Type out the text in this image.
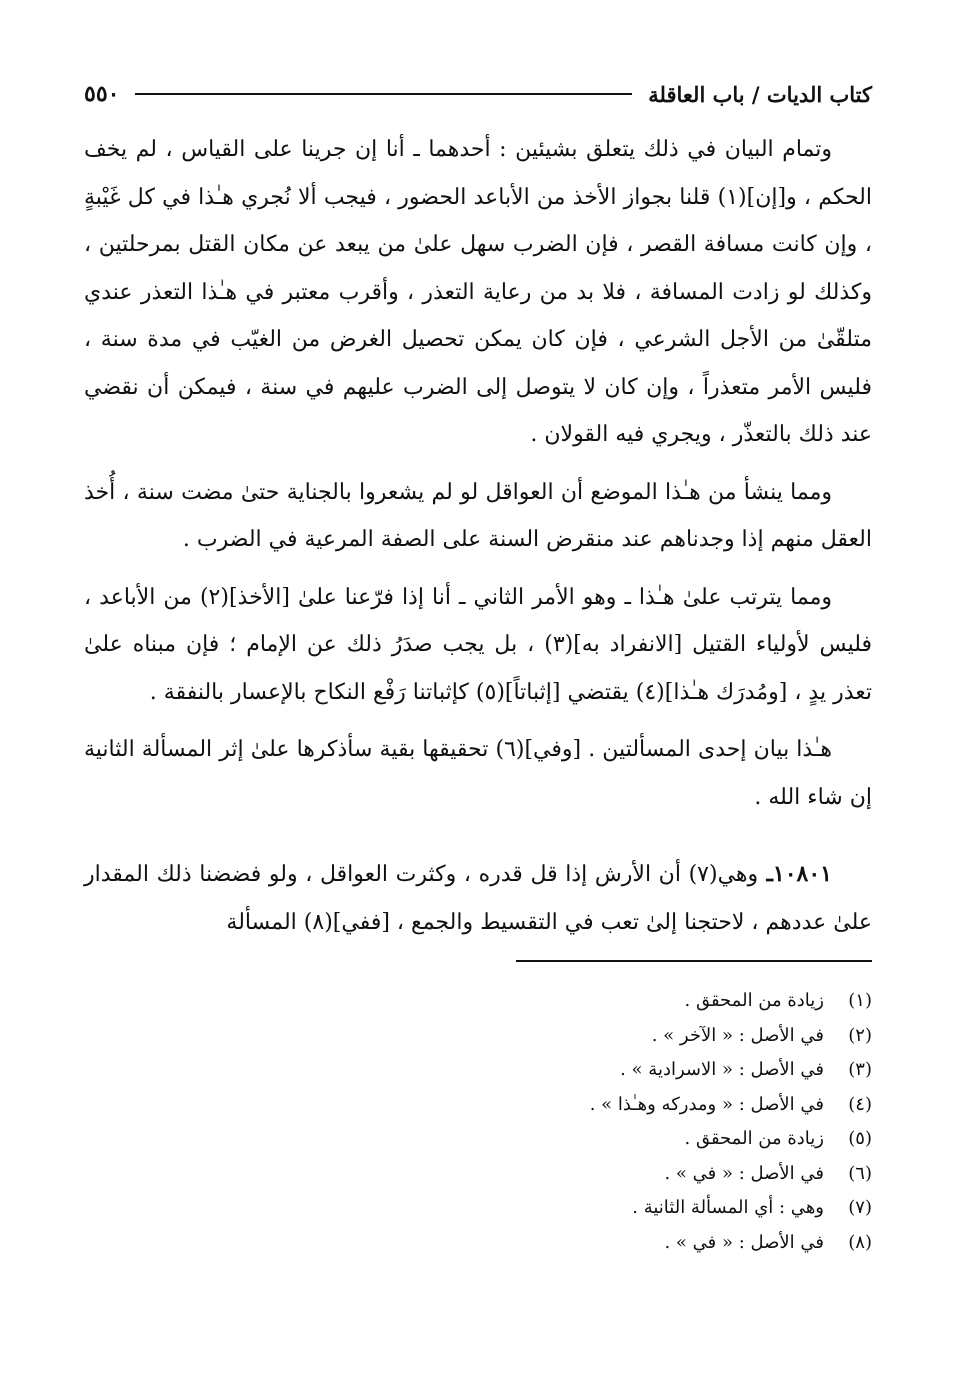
كتاب الديات / باب العاقلة
٥٥٠

وتمام البيان في ذلك يتعلق بشيئين : أحدهما ـ أنا إن جرينا على القياس ، لم يخف الحكم ، و[إن](١) قلنا بجواز الأخذ من الأباعد الحضور ، فيجب ألا نُجري هـٰذا في كل غَيْبةٍ ، وإن كانت مسافة القصر ، فإن الضرب سهل علىٰ من يبعد عن مكان القتل بمرحلتين ، وكذلك لو زادت المسافة ، فلا بد من رعاية التعذر ، وأقرب معتبر في هـٰذا التعذر عندي متلقّىٰ من الأجل الشرعي ، فإن كان يمكن تحصيل الغرض من الغيّب في مدة سنة ، فليس الأمر متعذراً ، وإن كان لا يتوصل إلى الضرب عليهم في سنة ، فيمكن أن نقضي عند ذلك بالتعذّر ، ويجري فيه القولان .

ومما ينشأ من هـٰذا الموضع أن العواقل لو لم يشعروا بالجناية حتىٰ مضت سنة ، أُخذ العقل منهم إذا وجدناهم عند منقرض السنة على الصفة المرعية في الضرب .

ومما يترتب علىٰ هـٰذا ـ وهو الأمر الثاني ـ أنا إذا فرّعنا علىٰ [الأخذ](٢) من الأباعد ، فليس لأولياء القتيل [الانفراد به](٣) ، بل يجب صدَرُ ذلك عن الإمام ؛ فإن مبناه علىٰ تعذر يدٍ ، [ومُدرَك هـٰذا](٤) يقتضي [إثباتاً](٥) كإثباتنا رَفْع النكاح بالإعسار بالنفقة .

هـٰذا بيان إحدى المسألتين . [وفي](٦) تحقيقها بقية سأذكرها علىٰ إثر المسألة الثانية إن شاء الله .

١٠٨٠١ـ وهي(٧) أن الأرش إذا قل قدره ، وكثرت العواقل ، ولو فضضنا ذلك المقدار علىٰ عددهم ، لاحتجنا إلىٰ تعب في التقسيط والجمع ، [ففي](٨) المسألة

(١)
زيادة من المحقق .
(٢)
في الأصل : « الآخر » .
(٣)
في الأصل : « الاسرادية » .
(٤)
في الأصل : « ومدركه وهـٰذا » .
(٥)
زيادة من المحقق .
(٦)
في الأصل : « في » .
(٧)
وهي : أي المسألة الثانية .
(٨)
في الأصل : « في » .
